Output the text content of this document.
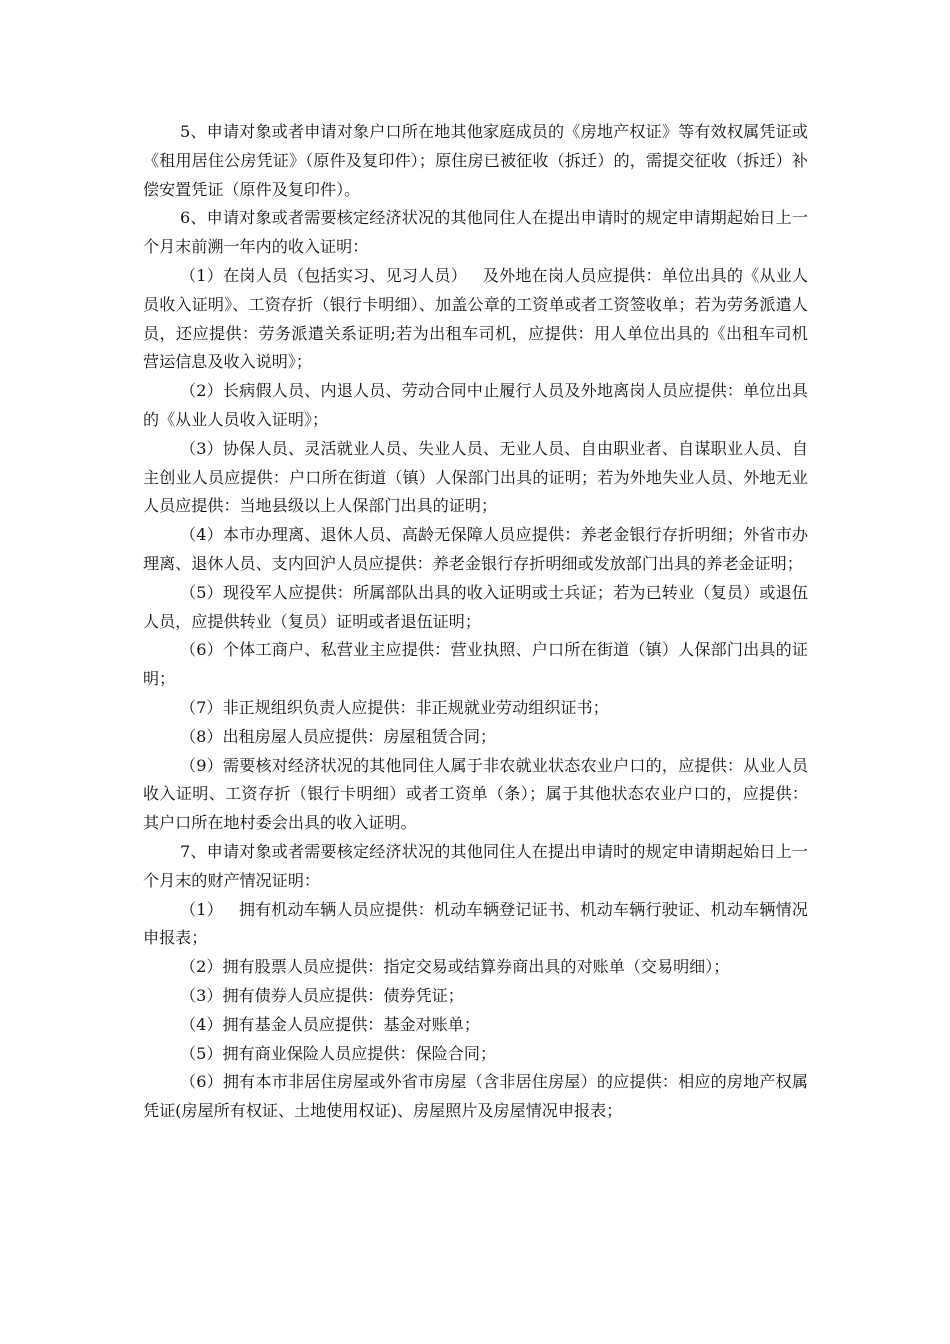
5、申请对象或者申请对象户口所在地其他家庭成员的《房地产权证》等有效权属凭证或《租用居住公房凭证》（原件及复印件）；原住房已被征收（拆迁）的，需提交征收（拆迁）补偿安置凭证（原件及复印件）。

6、申请对象或者需要核定经济状况的其他同住人在提出申请时的规定申请期起始日上一个月末前溯一年内的收入证明：

（1）在岗人员（包括实习、见习人员）   及外地在岗人员应提供：单位出具的《从业人员收入证明》、工资存折（银行卡明细）、加盖公章的工资单或者工资签收单；若为劳务派遣人员，还应提供：劳务派遣关系证明;若为出租车司机，应提供：用人单位出具的《出租车司机营运信息及收入说明》；

（2）长病假人员、内退人员、劳动合同中止履行人员及外地离岗人员应提供：单位出具的《从业人员收入证明》；

（3）协保人员、灵活就业人员、失业人员、无业人员、自由职业者、自谋职业人员、自主创业人员应提供：户口所在街道（镇）人保部门出具的证明；若为外地失业人员、外地无业人员应提供：当地县级以上人保部门出具的证明；

（4）本市办理离、退休人员、高龄无保障人员应提供：养老金银行存折明细；外省市办理离、退休人员、支内回沪人员应提供：养老金银行存折明细或发放部门出具的养老金证明；

（5）现役军人应提供：所属部队出具的收入证明或士兵证；若为已转业（复员）或退伍人员，应提供转业（复员）证明或者退伍证明；

（6）个体工商户、私营业主应提供：营业执照、户口所在街道（镇）人保部门出具的证明；

（7）非正规组织负责人应提供：非正规就业劳动组织证书；

（8）出租房屋人员应提供：房屋租赁合同；

（9）需要核对经济状况的其他同住人属于非农就业状态农业户口的，应提供：从业人员收入证明、工资存折（银行卡明细）或者工资单（条）；属于其他状态农业户口的，应提供：其户口所在地村委会出具的收入证明。

7、申请对象或者需要核定经济状况的其他同住人在提出申请时的规定申请期起始日上一个月末的财产情况证明：

（1）   拥有机动车辆人员应提供：机动车辆登记证书、机动车辆行驶证、机动车辆情况申报表；

（2）拥有股票人员应提供：指定交易或结算券商出具的对账单（交易明细）；

（3）拥有债券人员应提供：债券凭证；

（4）拥有基金人员应提供：基金对账单；

（5）拥有商业保险人员应提供：保险合同；

（6）拥有本市非居住房屋或外省市房屋（含非居住房屋）的应提供：相应的房地产权属凭证(房屋所有权证、土地使用权证)、房屋照片及房屋情况申报表；
